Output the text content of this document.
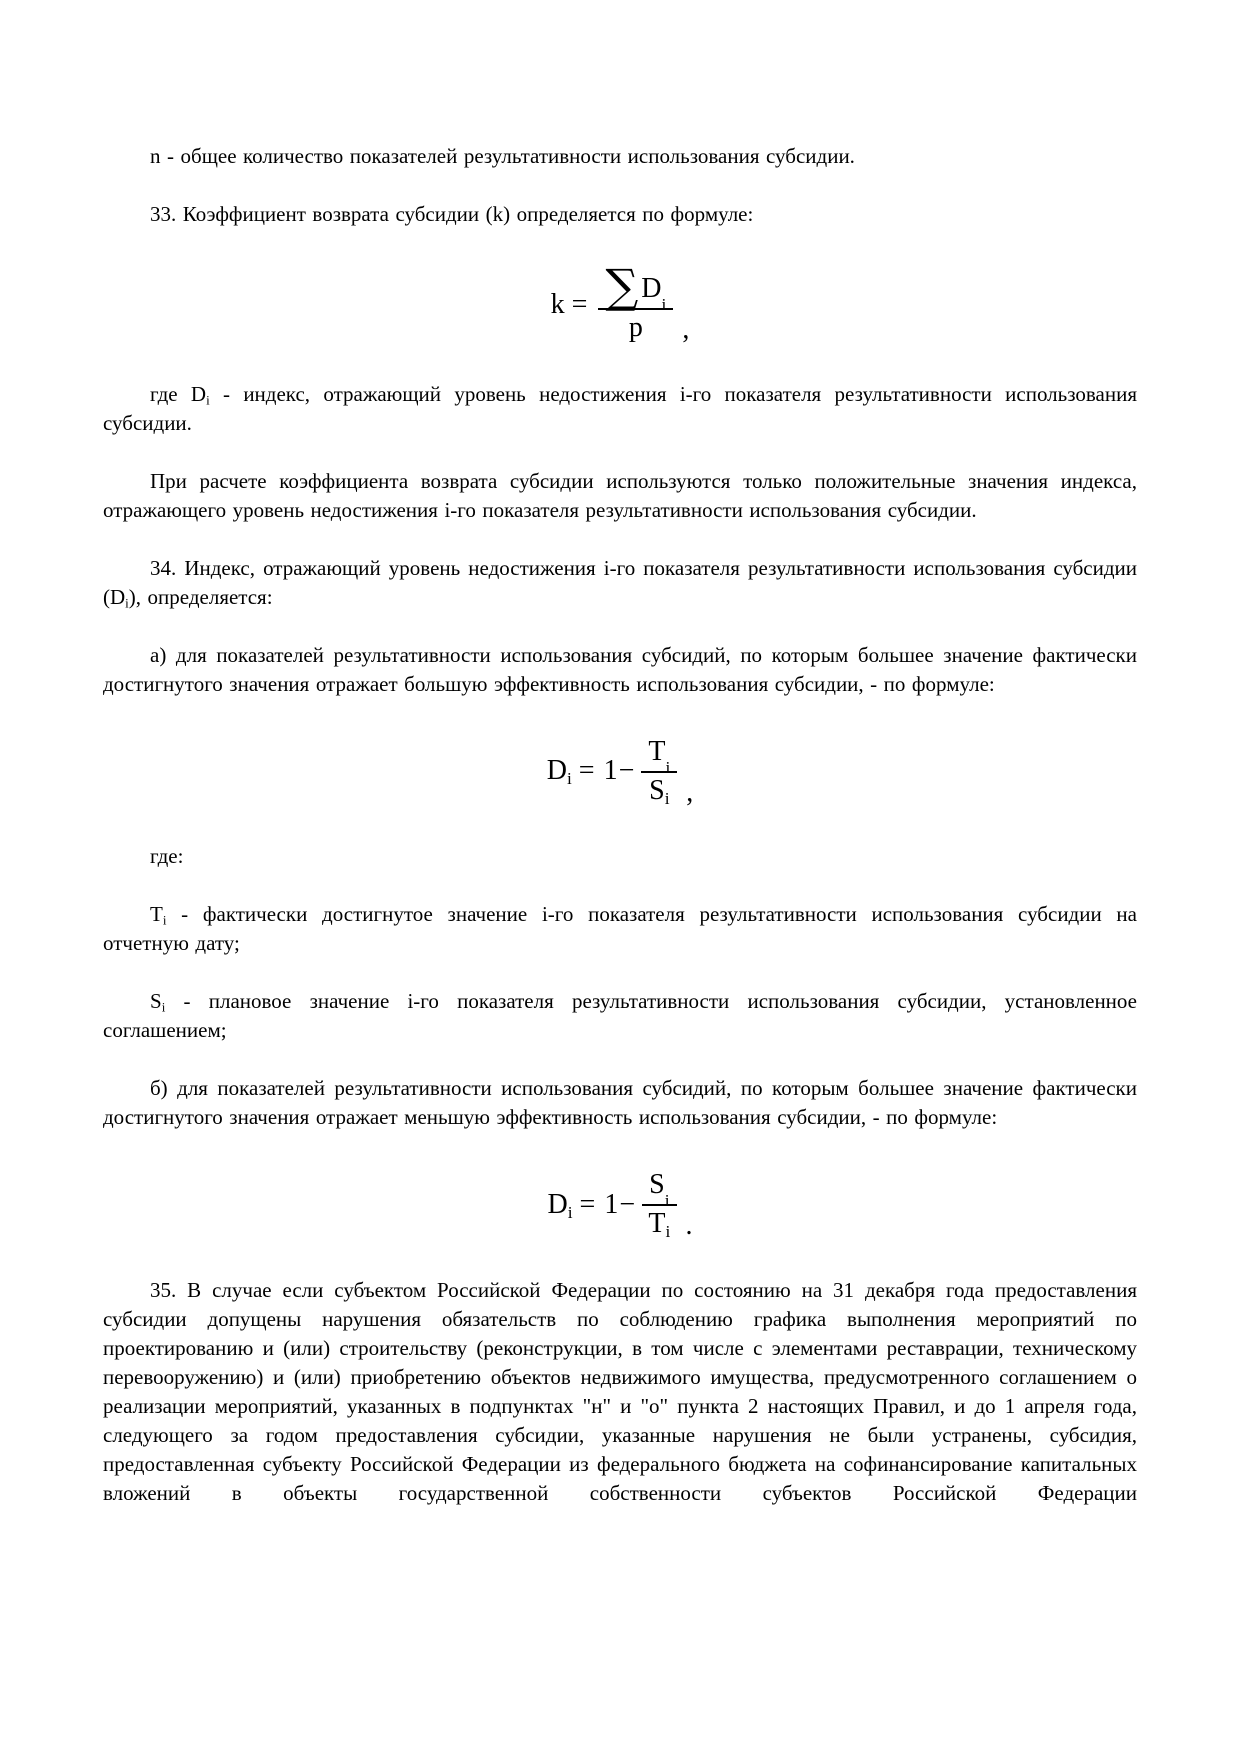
n - общее количество показателей результативности использования субсидии.

33. Коэффициент возврата субсидии (k) определяется по формуле:

k = ∑ D
i
p ,

где $D_i$ - индекс, отражающий уровень недостижения i-го показателя результативности использования субсидии.

При расчете коэффициента возврата субсидии используются только положительные значения индекса, отражающего уровень недостижения i-го показателя результативности использования субсидии.

34. Индекс, отражающий уровень недостижения i-го показателя результативности использования субсидии $(D_i)$, определяется:

а) для показателей результативности использования субсидий, по которым большее значение фактически достигнутого значения отражает большую эффективность использования субсидии, - по формуле:

$D_i = 1- T$
i
$S_i$ ,

где:

$T_i$ - фактически достигнутое значение i-го показателя результативности использования субсидии на отчетную дату;

$S_i$ - плановое значение i-го показателя результативности использования субсидии, установленное соглашением;

б) для показателей результативности использования субсидий, по которым большее значение фактически достигнутого значения отражает меньшую эффективность использования субсидии, - по формуле:

$D_i = 1- S$
i
$T_i$ .

35. В случае если субъектом Российской Федерации по состоянию на 31 декабря года предоставления субсидии допущены нарушения обязательств по соблюдению графика выполнения мероприятий по проектированию и (или) строительству (реконструкции, в том числе с элементами реставрации, техническому перевооружению) и (или) приобретению объектов недвижимого имущества, предусмотренного соглашением о реализации мероприятий, указанных в подпунктах "н" и "о" пункта 2 настоящих Правил, и до 1 апреля года, следующего за годом предоставления субсидии, указанные нарушения не были устранены, субсидия, предоставленная субъекту Российской Федерации из федерального бюджета на софинансирование капитальных вложений в объекты государственной собственности субъектов Российской Федерации
